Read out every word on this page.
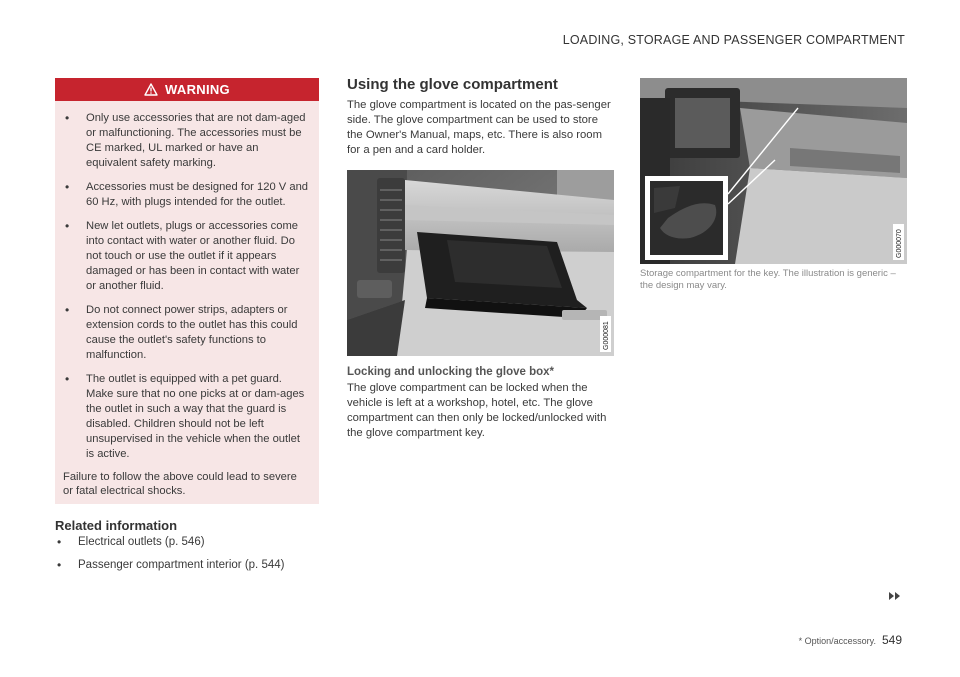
LOADING, STORAGE AND PASSENGER COMPARTMENT
WARNING
• Only use accessories that are not dam-aged or malfunctioning. The accessories must be CE marked, UL marked or have an equivalent safety marking.
• Accessories must be designed for 120 V and 60 Hz, with plugs intended for the outlet.
• New let outlets, plugs or accessories come into contact with water or another fluid. Do not touch or use the outlet if it appears damaged or has been in contact with water or another fluid.
• Do not connect power strips, adapters or extension cords to the outlet has this could cause the outlet's safety functions to malfunction.
• The outlet is equipped with a pet guard. Make sure that no one picks at or dam-ages the outlet in such a way that the guard is disabled. Children should not be left unsupervised in the vehicle when the outlet is active.

Failure to follow the above could lead to severe or fatal electrical shocks.

Related information
• Electrical outlets (p. 546)
• Passenger compartment interior (p. 544)
Using the glove compartment

The glove compartment is located on the pas-senger side. The glove compartment can be used to store the Owner's Manual, maps, etc. There is also room for a pen and a card holder.

G000081
Locking and unlocking the glove box*

The glove compartment can be locked when the vehicle is left at a workshop, hotel, etc. The glove compartment can then only be locked/unlocked with the glove compartment key.

G000070

Storage compartment for the key. The illustration is generic – the design may vary.

* Option/accessory. 549
